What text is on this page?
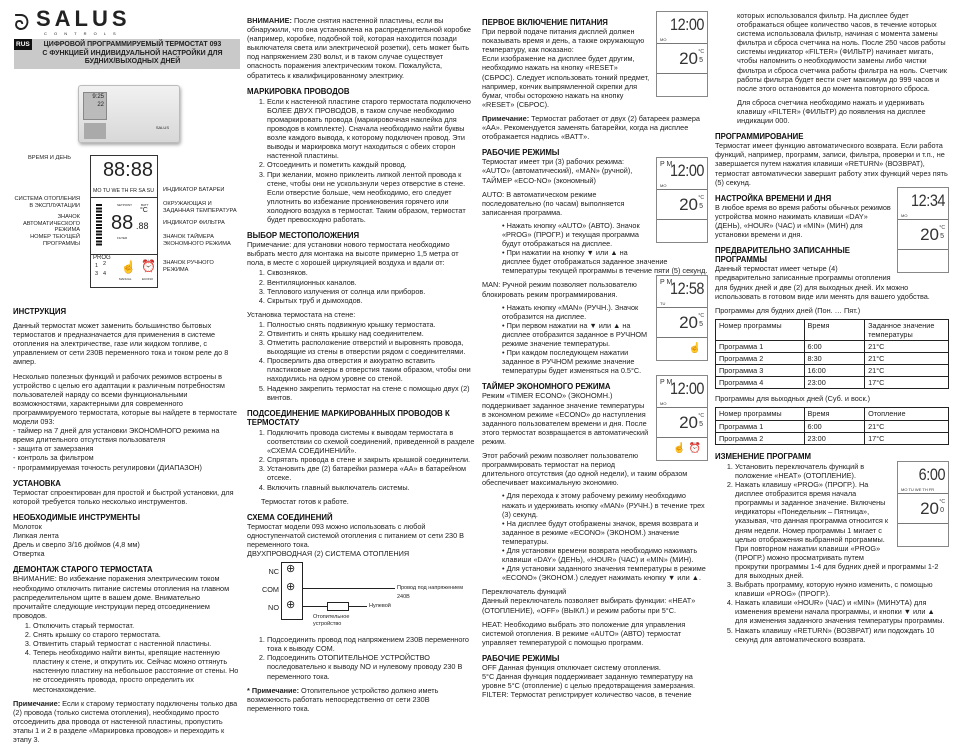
ᘐ SALUS
C O N T R O L S
RUS	ЦИФРОВОЙ ПРОГРАММИРУЕМЫЙ ТЕРМОСТАТ 093
С ФУНКЦИЕЙ ИНДИВИДУАЛЬНОЙ НАСТРОЙКИ ДЛЯ
БУДНИХ/ВЫХОДНЫХ ДНЕЙ
9:25
22
SALUS
88:88
MO TU WE TH FR SA SU
SETPOINT	BATT
°C
88 .88
FILTER
PROG
1 2
3 4 ☝
MANUAL
⏰
ECONO
ВРЕМЯ И ДЕНЬ
СИСТЕМА ОТОПЛЕНИЯ В ЭКСПЛУАТАЦИИ
ЗНАЧОК АВТОМАТИЧЕСКОГО РЕЖИМА
НОМЕР ТЕКУЩЕЙ ПРОГРАММЫ
ИНДИКАТОР БАТАРЕИ
ОКРУЖАЮЩАЯ И ЗАДАННАЯ ТЕМПЕРАТУРА
ИНДИКАТОР ФИЛЬТРА
ЗНАЧОК ТАЙМЕРА ЭКОНОМНОГО РЕЖИМА
ЗНАЧОК РУЧНОГО РЕЖИМА
ИНСТРУКЦИЯ
Данный термостат может заменить большинство бытовых термостатов и предназначается для применения в системе отопления на электричестве, газе или жидком топливе, с управлением от сети 230В переменного тока и током реле до 8 ампер.
Несколько полезных функций и рабочих режимов встроены в устройство с целью его адаптации к различным потребностям пользователей наряду со всеми функциональными возможностями, характерными для современного программируемого термостата, которые вы найдете в термостате модели 093:
- таймер на 7 дней для установки ЭКОНОМНОГО режима на время длительного отсутствия пользователя
- защита от замерзания
- контроль за фильтром
- программируемая точность регулировки (ДИАПАЗОН)
УСТАНОВКА
Термостат спроектирован для простой и быстрой установки, для которой требуется только несколько инструментов.
НЕОБХОДИМЫЕ ИНСТРУМЕНТЫ
Молоток
Липкая лента
Дрель и сверло 3/16 дюймов (4,8 мм)
Отвертка
ДЕМОНТАЖ СТАРОГО ТЕРМОСТАТА
ВНИМАНИЕ: Во избежание поражения электрическим током необходимо отключить питание системы отопления на главном распределительном щите в вашем доме. Внимательно прочитайте следующие инструкции перед отсоединением проводов.
1. Отключить старый термостат.
2. Снять крышку со старого термостата.
3. Отвинтить старый термостат с настенной пластины.
4. Теперь необходимо найти винты, крепящие настенную пластину к стене, и открутить их. Сейчас можно оттянуть настенную пластину на небольшое расстояние от стены. Но не отсоединять провода, просто определить их местонахождение.
Примечание: Если к старому термостату подключены только два (2) провода (только система отопления), необходимо просто отсоединить два провода от настенной пластины, пропустить этапы 1 и 2 в разделе «Маркировка проводов» и переходить к этапу 3.
ВНИМАНИЕ: После снятия настенной пластины, если вы обнаружили, что она установлена на распределительной коробке (например, коробке, подобной той, которая находится позади выключателя света или электрической розетки), сеть может быть под напряжением 230 вольт, и в таком случае существует опасность поражения электрическим током. Пожалуйста, обратитесь к квалифицированному электрику.
МАРКИРОВКА ПРОВОДОВ
1. Если к настенной пластине старого термостата подключено БОЛЕЕ ДВУХ ПРОВОДОВ, в таком случае необходимо промаркировать провода (маркировочная наклейка для проводов в комплекте). Сначала необходимо найти буквы возле каждого вывода, к которому подключен провод. Эти выводы и маркировка могут находиться с обеих сторон настенной пластины.
2. Отсоединить и пометить каждый провод.
3. При желании, можно приклеить липкой лентой провода к стене, чтобы они не ускользнули через отверстие в стене. Если отверстие больше, чем необходимо, его следует уплотнить во избежание проникновения горячего или холодного воздуха в термостат. Таким образом, термостат будет превосходно работать.
ВЫБОР МЕСТОПОЛОЖЕНИЯ
Примечание: для установки нового термостата необходимо выбрать место для монтажа на высоте примерно 1,5 метра от пола, в месте с хорошей циркуляцией воздуха и вдали от:
1. Сквозняков.
2. Вентиляционных каналов.
3. Теплового излучения от солнца или приборов.
4. Скрытых труб и дымоходов.
Установка термостата на стене:
1. Полностью снять подвижную крышку термостата.
2. Отвинтить и снять крышку над соединителем.
3. Отметить расположение отверстий и выровнять провода, выходящие из стены в отверстии рядом с соединителями.
4. Просверлить два отверстия и аккуратно вставить пластиковые анкеры в отверстия таким образом, чтобы они находились на одном уровне со стеной.
5. Надежно закрепить термостат на стене с помощью двух (2) винтов.
ПОДСОЕДИНЕНИЕ МАРКИРОВАННЫХ ПРОВОДОВ К ТЕРМОСТАТУ
1. Подключить провода системы к выводам термостата в соответствии со схемой соединений, приведенной в разделе «СХЕМА СОЕДИНЕНИЙ».
2. Спрятать провода в стене и закрыть крышкой соединители.
3. Установить две (2) батарейки размера «АА» в батарейном отсеке.
4. Включить главный выключатель системы.
Термостат готов к работе.
СХЕМА СОЕДИНЕНИЙ
Термостат модели 093 можно использовать с любой одноступенчатой системой отопления с питанием от сети 230 В переменного тока.
ДВУХПРОВОДНАЯ (2) СИСТЕМА ОТОПЛЕНИЯ
NC ⊕
COM ⊕
NO ⊕
Провод под напряжением 240В
Нулевой
Отопительное устройство
1. Подсоединить провод под напряжением 230В переменного тока к выводу COM.
2. Подсоединить ОТОПИТЕЛЬНОЕ УСТРОЙСТВО последовательно к выводу NO и нулевому проводу 230 В переменного тока.
* Примечание: Отопительное устройство должно иметь возможность работать непосредственно от сети 230В переменного тока.
12:00
MO
20 5
°C
ПЕРВОЕ ВКЛЮЧЕНИЕ ПИТАНИЯ
При первой подаче питания дисплей должен показывать время и день, а также окружающую температуру, как показано:
Если изображение на дисплее будет другим, необходимо нажать на кнопку «RESET» (СБРОС). Следует использовать тонкий предмет, например, кончик выпрямленной скрепки для бумаг, чтобы осторожно нажать на кнопку «RESET» (СБРОС).
Примечание: Термостат работает от двух (2) батареек размера «АА». Рекомендуется заменять батарейки, когда на дисплее отображается надпись «BATT».
РАБОЧИЕ РЕЖИМЫ
P M
12:00
MO
20 5
°C
Термостат имеет три (3) рабочих режима: «AUTO» (автоматический), «MAN» (ручной), ТАЙМЕР «ECO-NO» (экономный)
AUTO: В автоматическом режиме последовательно (по часам) выполняется записанная программа.
• Нажать кнопку «AUTO» (АВТО). Значок «PROG» (ПРОГР.) и текущая программа будут отображаться на дисплее.
• При нажатии на кнопку ▼ или ▲ на дисплее будет отображаться заданное значение температуры текущей программы в течение пяти (5) секунд.
P M
12:58
TU
20 5
°C
☝
MAN: Ручной режим позволяет пользователю блокировать режим программирования.
• Нажать кнопку «MAN» (РУЧН.). Значок отобразится на дисплее.
• При первом нажатии на ▼ или ▲ на дисплее отобразится заданное в РУЧНОМ режиме значение температуры.
• При каждом последующем нажатии заданное в РУЧНОМ режиме значение температуры будет изменяться на 0.5°C.
P M
12:00
MO
20 5
°C
☝ ⏰
ТАЙМЕР ЭКОНОМНОГО РЕЖИМА
Режим «TIMER ECONO» (ЭКОНОМН.) поддерживает заданное значение температуры в экономном режиме «ECONO» до наступления заданного пользователем времени и дня. После этого термостат возвращается в автоматический режим.
Этот рабочий режим позволяет пользователю программировать термостат на период длительного отсутствия (до одной недели), и таким образом обеспечивает максимальную экономию.
• Для перехода к этому рабочему режиму необходимо нажать и удерживать кнопку «MAN» (РУЧН.) в течение трех (3) секунд.
• На дисплее будут отображены значок, время возврата и заданное в режиме «ECONO» (ЭКОНОМ.) значение температуры.
• Для установки времени возврата необходимо нажимать клавиши «DAY» (ДЕНЬ), «HOUR» (ЧАС) и «MIN» (МИН).
• Для установки заданного значения температуры в режиме «ECONO» (ЭКОНОМ.) следует нажимать кнопку ▼ или ▲.
Переключатель функций
Данный переключатель позволяет выбирать функции: «HEAT» (ОТОПЛЕНИЕ), «OFF» (ВЫКЛ.) и режим работы при 5°C.
HEAT: Необходимо выбрать это положение для управления системой отопления. В режиме «AUTO» (АВТО) термостат управляет температурой с помощью программ.
РАБОЧИЕ РЕЖИМЫ
OFF Данная функция отключает систему отопления.
5°C Данная функция поддерживает заданную температуру на уровне 5°C (отопление) с целью предотвращения замерзания.
FILTER: Термостат регистрирует количество часов, в течение
которых использовался фильтр. На дисплее будет отображаться общее количество часов, в течение которых система использовала фильтр, начиная с момента замены фильтра и сброса счетчика на ноль. После 250 часов работы системы индикатор «FILTER» (ФИЛЬТР) начинает мигать, чтобы напомнить о необходимости замены либо чистки фильтра и сброса счетчика работы фильтра на ноль. Счетчик работы фильтра будет вести счет максимум до 999 часов и после этого остановится до момента повторного сброса.
Для сброса счетчика необходимо нажать и удерживать клавишу «FILTER» (ФИЛЬТР) до появления на дисплее индикации 000.
ПРОГРАММИРОВАНИЕ
Термостат имеет функцию автоматического возврата. Если работа функций, например, программ, записи, фильтра, проверки и т.п., не завершается путем нажатия клавиши «RETURN» (ВОЗВРАТ), термостат автоматически завершит работу этих функций через пять (5) секунд.
12:34
MO
20 5
°C
НАСТРОЙКА ВРЕМЕНИ И ДНЯ
В любое время во время работы обычных режимов устройства можно нажимать клавиши «DAY» (ДЕНЬ), «HOUR» (ЧАС) и «MIN» (МИН) для установки времени и дня.
ПРЕДВАРИТЕЛЬНО ЗАПИСАННЫЕ ПРОГРАММЫ
Данный термостат имеет четыре (4) предварительно записанные программы отопления для будних дней и две (2) для выходных дней. Их можно использовать в готовом виде или менять для вашего удобства.
Программы для будних дней (Пон. … Пят.)
Номер программы	Время	Заданное значение температуры
Программа 1	6:00	21°C
Программа 2	8:30	21°C
Программа 3	16:00	21°C
Программа 4	23:00	17°C
Программы для выходных дней (Суб. и воск.)
Номер программы	Время	Отопление
Программа 1	6:00	21°C
Программа 2	23:00	17°C
ИЗМЕНЕНИЕ ПРОГРАММ
6:00
MO TU WE TH FR
20 0
°C
1. Установить переключатель функций в положение «HEAT» (ОТОПЛЕНИЕ).
2. Нажать клавишу «PROG» (ПРОГР.). На дисплее отобразится время начала программы и заданное значение. Включены индикаторы «Понедельник – Пятница», указывая, что данная программа относится к дням недели. Номер программы 1 мигает с целью отображения выбранной программы. При повторном нажатии клавиши «PROG» (ПРОГР.) можно просматривать путем прокрутки программы 1-4 для будних дней и программы 1-2 для выходных дней.
3. Выбрать программу, которую нужно изменить, с помощью клавиши «PROG» (ПРОГР.).
4. Нажать клавиши «HOUR» (ЧАС) и «MIN» (МИНУТА) для изменения времени начала программы, и кнопки ▼ или ▲ для изменения заданного значения температуры программы.
5. Нажать клавишу «RETURN» (ВОЗВРАТ) или подождать 10 секунд для автоматического возврата.
